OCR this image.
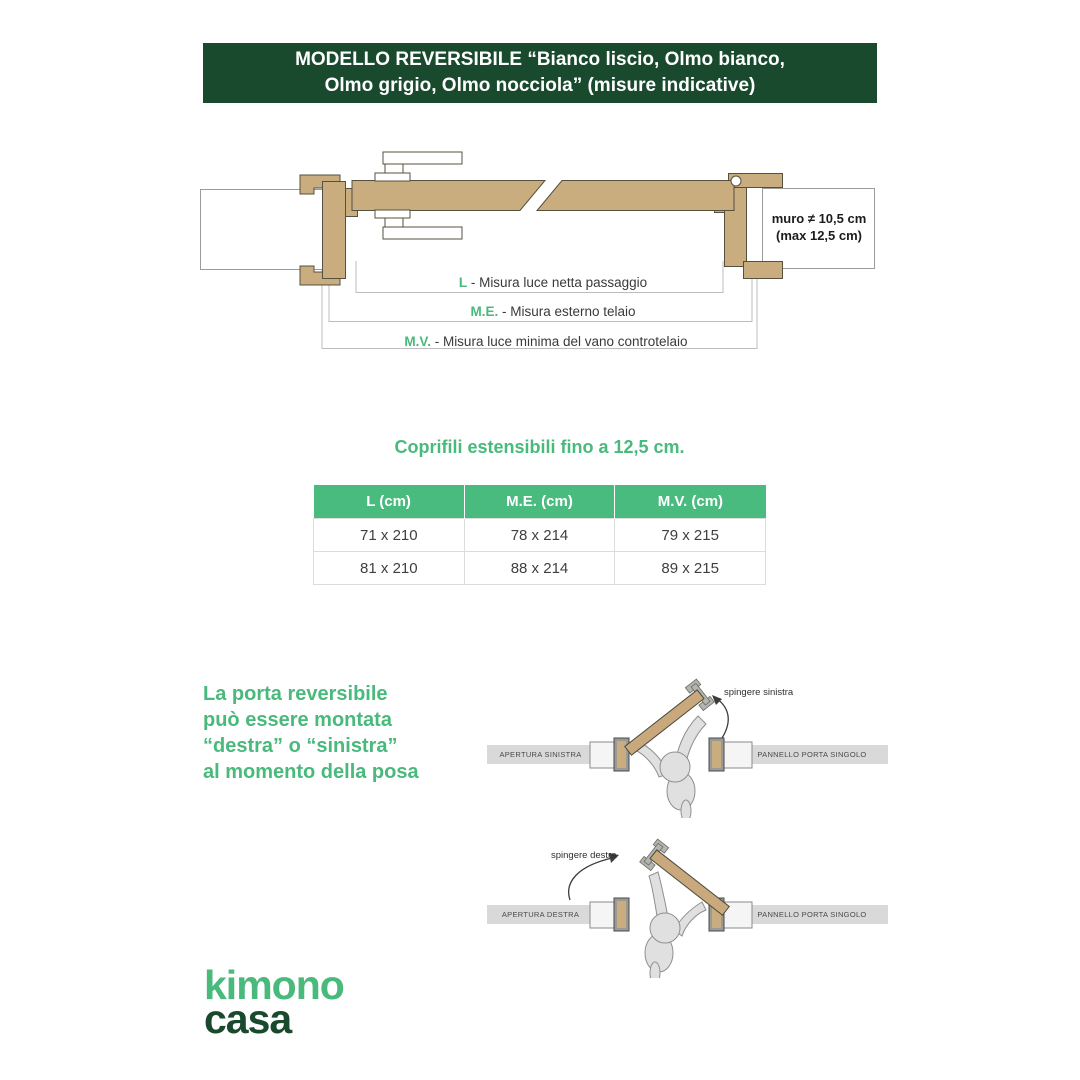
MODELLO REVERSIBILE “Bianco liscio, Olmo bianco,
Olmo grigio, Olmo nocciola” (misure indicative)
muro ≠ 10,5 cm
(max 12,5 cm)
L - Misura luce netta passaggio
M.E. - Misura esterno telaio
M.V. - Misura luce minima del vano controtelaio
Coprifili estensibili fino a 12,5 cm.
L (cm)	M.E. (cm)	M.V. (cm)
71 x 210	78 x 214	79 x 215
81 x 210	88 x 214	89 x 215
La porta reversibile
può essere montata
“destra” o “sinistra”
al momento della posa
spingere sinistra
APERTURA SINISTRA	PANNELLO PORTA SINGOLO
spingere destra
APERTURA DESTRA	PANNELLO PORTA SINGOLO
kimono
casa
